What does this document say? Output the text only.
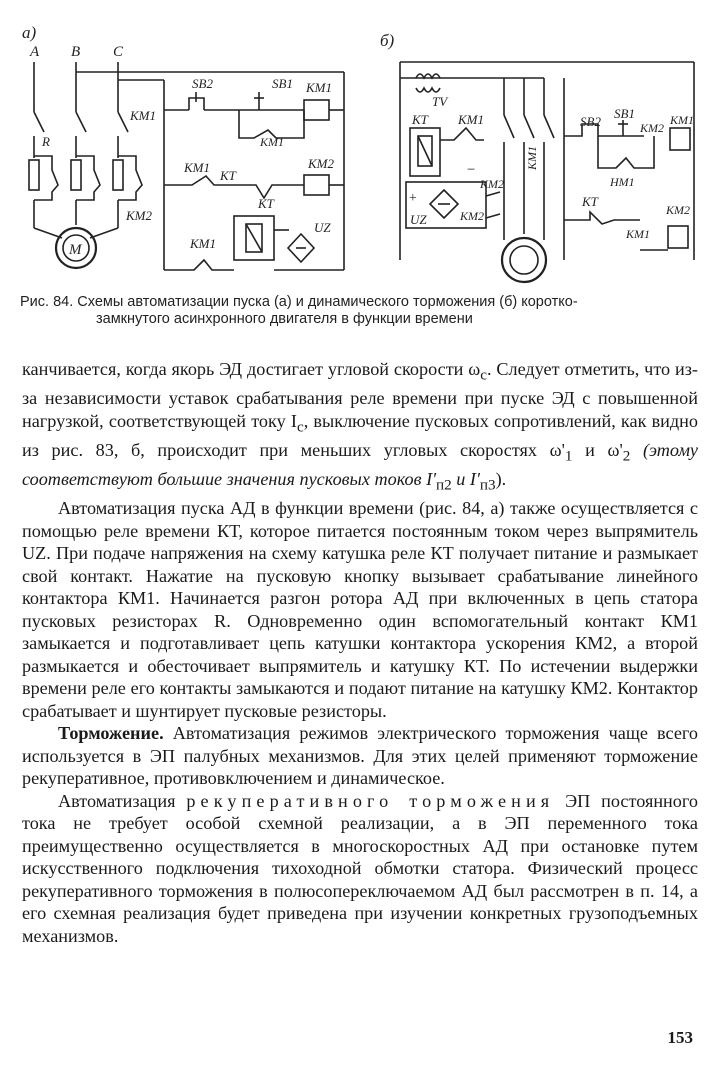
а)
A B C
КМ1
R
КМ2
М
SB2	SB1 КМ1
КМ1
КМ1
КТ
КМ2
КТ
UZ
КМ1
б)
TV
КТ КМ1
+
UZ
−
КМ2
КМ2
КМ1
SB2
SB1
КМ2
КМ1
НМ1
КТ
КМ1
КМ2
Рис. 84. Схемы автоматизации пуска (а) и динамического торможения (б) коротко-
замкнутого асинхронного двигателя в функции времени

канчивается, когда якорь ЭД достигает угловой скорости $\omega_с$. Следует отметить, что из-за независимости уставок срабатывания реле времени при пуске ЭД с повышенной нагрузкой, соответствующей току $I_с$, выключение пусковых сопротивлений, как видно из рис. 83, б, происходит при меньших угловых скоростях $\omega'_1$ и $\omega'_2$ (этому соответствуют большие значения пусковых токов $I'_{п2}$ и $I'_{п3}$).

Автоматизация пуска АД в функции времени (рис. 84, а) также осуществляется с помощью реле времени КТ, которое питается постоянным током через выпрямитель UZ. При подаче напряжения на схему катушка реле КТ получает питание и размыкает свой контакт. Нажатие на пусковую кнопку вызывает срабатывание линейного контактора КМ1. Начинается разгон ротора АД при включенных в цепь статора пусковых резисторах R. Одновременно один вспомогательный контакт КМ1 замыкается и подготавливает цепь катушки контактора ускорения КМ2, а второй размыкается и обесточивает выпрямитель и катушку КТ. По истечении выдержки времени реле его контакты замыкаются и подают питание на катушку КМ2. Контактор срабатывает и шунтирует пусковые резисторы.

Торможение. Автоматизация режимов электрического торможения чаще всего используется в ЭП палубных механизмов. Для этих целей применяют торможение рекуперативное, противовключением и динамическое.

Автоматизация рекуперативного торможения ЭП постоянного тока не требует особой схемной реализации, а в ЭП переменного тока преимущественно осуществляется в многоскоростных АД при остановке путем искусственного подключения тихоходной обмотки статора. Физический процесс рекуперативного торможения в полюсопереключаемом АД был рассмотрен в п. 14, а его схемная реализация будет приведена при изучении конкретных грузоподъемных механизмов.

153
